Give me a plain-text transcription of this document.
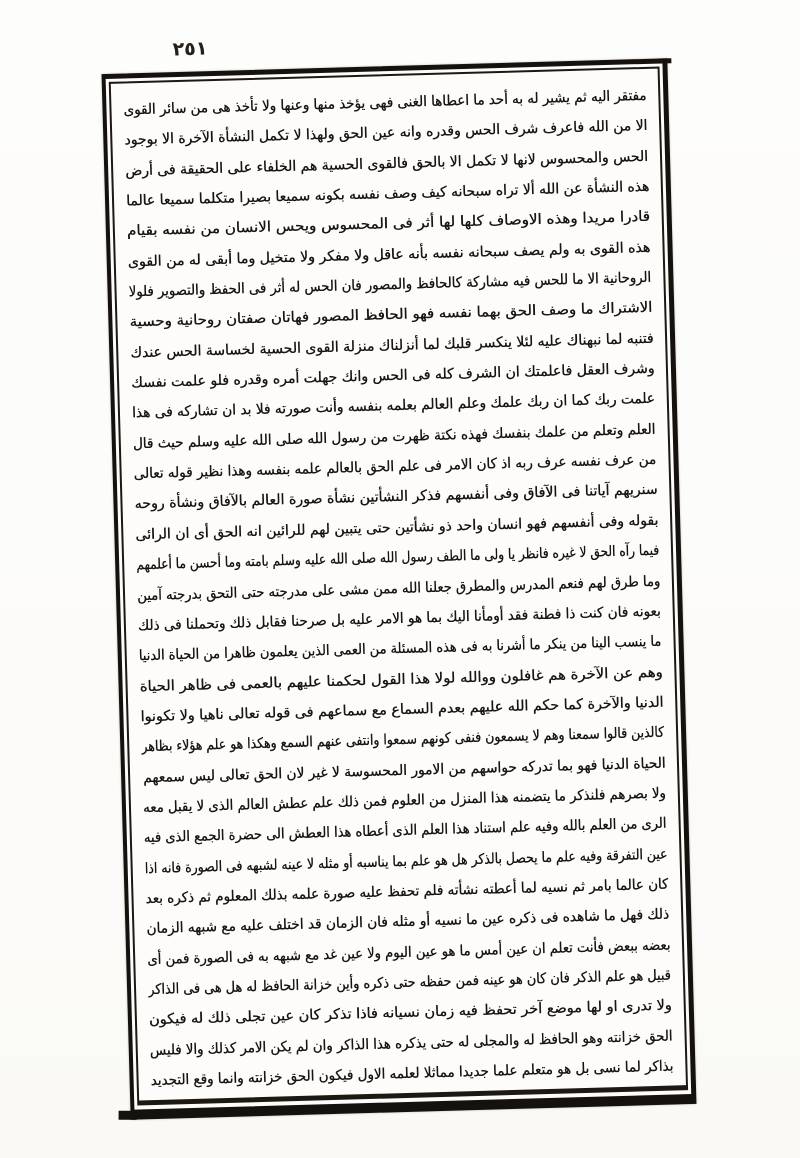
٢٥١
مفتقر اليه ثم يشير له به أحد ما اعطاها الغنى فهى يؤخذ منها وعنها ولا تأخذ هى من سائر القوى
الا من الله فاعرف شرف الحس وقدره وانه عين الحق ولهذا لا تكمل النشأة الآخرة الا بوجود
الحس والمحسوس لانها لا تكمل الا بالحق فالقوى الحسية هم الخلفاء على الحقيقة فى أرض
هذه النشأة عن الله ألا تراه سبحانه كيف وصف نفسه بكونه سميعا بصيرا متكلما سميعا عالما
قادرا مريدا وهذه الاوصاف كلها لها أثر فى المحسوس ويحس الانسان من نفسه بقيام
هذه القوى به ولم يصف سبحانه نفسه بأنه عاقل ولا مفكر ولا متخيل وما أبقى له من القوى
الروحانية الا ما للحس فيه مشاركة كالحافظ والمصور فان الحس له أثر فى الحفظ والتصوير فلولا
الاشتراك ما وصف الحق بهما نفسه فهو الحافظ المصور فهاتان صفتان روحانية وحسية
فتنبه لما نبهناك عليه لئلا ينكسر قلبك لما أنزلناك منزلة القوى الحسية لخساسة الحس عندك
وشرف العقل فاعلمتك ان الشرف كله فى الحس وانك جهلت أمره وقدره فلو علمت نفسك
علمت ربك كما ان ربك علمك وعلم العالم بعلمه بنفسه وأنت صورته فلا بد ان تشاركه فى هذا
العلم وتعلم من علمك بنفسك فهذه نكتة ظهرت من رسول الله صلى الله عليه وسلم حيث قال
من عرف نفسه عرف ربه اذ كان الامر فى علم الحق بالعالم علمه بنفسه وهذا نظير قوله تعالى
سنريهم آياتنا فى الآفاق وفى أنفسهم فذكر النشأتين نشأة صورة العالم بالآفاق ونشأة روحه
بقوله وفى أنفسهم فهو انسان واحد ذو نشأتين حتى يتبين لهم للرائين انه الحق أى ان الرائى
فيما رآه الحق لا غيره فانظر يا ولى ما الطف رسول الله صلى الله عليه وسلم بامته وما أحسن ما أعلمهم
وما طرق لهم فنعم المدرس والمطرق جعلنا الله ممن مشى على مدرجته حتى التحق بدرجته آمين
بعونه فان كنت ذا فطنة فقد أومأنا اليك بما هو الامر عليه بل صرحنا فقابل ذلك وتحملنا فى ذلك
ما ينسب الينا من ينكر ما أشرنا به فى هذه المسئلة من العمى الذين يعلمون ظاهرا من الحياة الدنيا
وهم عن الآخرة هم غافلون ووالله لولا هذا القول لحكمنا عليهم بالعمى فى ظاهر الحياة
الدنيا والآخرة كما حكم الله عليهم بعدم السماع مع سماعهم فى قوله تعالى ناهيا ولا تكونوا
كالذين قالوا سمعنا وهم لا يسمعون فنفى كونهم سمعوا وانتفى عنهم السمع وهكذا هو علم هؤلاء بظاهر
الحياة الدنيا فهو بما تدركه حواسهم من الامور المحسوسة لا غير لان الحق تعالى ليس سمعهم
ولا بصرهم فلنذكر ما يتضمنه هذا المنزل من العلوم فمن ذلك علم عطش العالم الذى لا يقبل معه
الرى من العلم بالله وفيه علم استناد هذا العلم الذى أعطاه هذا العطش الى حضرة الجمع الذى فيه
عين التفرقة وفيه علم ما يحصل بالذكر هل هو علم بما يناسبه أو مثله لا عينه لشبهه فى الصورة فانه اذا
كان عالما بامر ثم نسيه لما أعطته نشأته فلم تحفظ عليه صورة علمه بذلك المعلوم ثم ذكره بعد
ذلك فهل ما شاهده فى ذكره عين ما نسيه أو مثله فان الزمان قد اختلف عليه مع شبهه الزمان
بعضه ببعض فأنت تعلم ان عين أمس ما هو عين اليوم ولا عين غد مع شبهه به فى الصورة فمن أى
قبيل هو علم الذكر فان كان هو عينه فمن حفظه حتى ذكره وأين خزانة الحافظ له هل هى فى الذاكر
ولا تدرى او لها موضع آخر تحفظ فيه زمان نسيانه فاذا تذكر كان عين تجلى ذلك له فيكون
الحق خزانته وهو الحافظ له والمجلى له حتى يذكره هذا الذاكر وان لم يكن الامر كذلك والا فليس
بذاكر لما نسى بل هو متعلم علما جديدا مماثلا لعلمه الاول فيكون الحق خزانته وانما وقع التجديد
